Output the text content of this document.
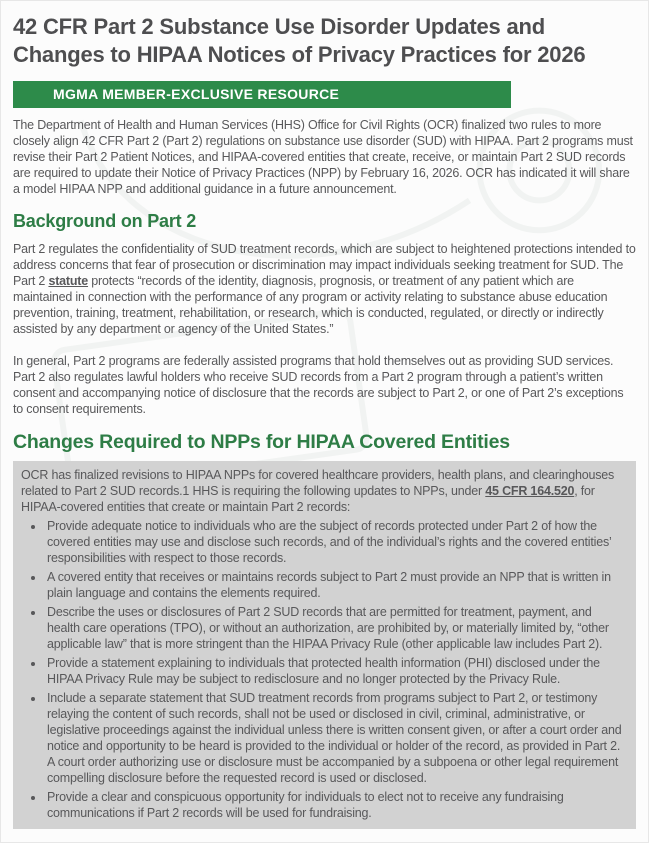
42 CFR Part 2 Substance Use Disorder Updates and Changes to HIPAA Notices of Privacy Practices for 2026
MGMA MEMBER-EXCLUSIVE RESOURCE

The Department of Health and Human Services (HHS) Office for Civil Rights (OCR) finalized two rules to more closely align 42 CFR Part 2 (Part 2) regulations on substance use disorder (SUD) with HIPAA. Part 2 programs must revise their Part 2 Patient Notices, and HIPAA-covered entities that create, receive, or maintain Part 2 SUD records are required to update their Notice of Privacy Practices (NPP) by February 16, 2026. OCR has indicated it will share a model HIPAA NPP and additional guidance in a future announcement.

Background on Part 2

Part 2 regulates the confidentiality of SUD treatment records, which are subject to heightened protections intended to address concerns that fear of prosecution or discrimination may impact individuals seeking treatment for SUD. The Part 2 statute protects “records of the identity, diagnosis, prognosis, or treatment of any patient which are maintained in connection with the performance of any program or activity relating to substance abuse education prevention, training, treatment, rehabilitation, or research, which is conducted, regulated, or directly or indirectly assisted by any department or agency of the United States.”

In general, Part 2 programs are federally assisted programs that hold themselves out as providing SUD services. Part 2 also regulates lawful holders who receive SUD records from a Part 2 program through a patient’s written consent and accompanying notice of disclosure that the records are subject to Part 2, or one of Part 2’s exceptions to consent requirements.

Changes Required to NPPs for HIPAA Covered Entities

OCR has finalized revisions to HIPAA NPPs for covered healthcare providers, health plans, and clearinghouses related to Part 2 SUD records.1 HHS is requiring the following updates to NPPs, under 45 CFR 164.520, for HIPAA-covered entities that create or maintain Part 2 records:

• Provide adequate notice to individuals who are the subject of records protected under Part 2 of how the covered entities may use and disclose such records, and of the individual’s rights and the covered entities’ responsibilities with respect to those records.
• A covered entity that receives or maintains records subject to Part 2 must provide an NPP that is written in plain language and contains the elements required.
• Describe the uses or disclosures of Part 2 SUD records that are permitted for treatment, payment, and health care operations (TPO), or without an authorization, are prohibited by, or materially limited by, “other applicable law” that is more stringent than the HIPAA Privacy Rule (other applicable law includes Part 2).
• Provide a statement explaining to individuals that protected health information (PHI) disclosed under the HIPAA Privacy Rule may be subject to redisclosure and no longer protected by the Privacy Rule.
• Include a separate statement that SUD treatment records from programs subject to Part 2, or testimony relaying the content of such records, shall not be used or disclosed in civil, criminal, administrative, or legislative proceedings against the individual unless there is written consent given, or after a court order and notice and opportunity to be heard is provided to the individual or holder of the record, as provided in Part 2. A court order authorizing use or disclosure must be accompanied by a subpoena or other legal requirement compelling disclosure before the requested record is used or disclosed.
• Provide a clear and conspicuous opportunity for individuals to elect not to receive any fundraising communications if Part 2 records will be used for fundraising.
